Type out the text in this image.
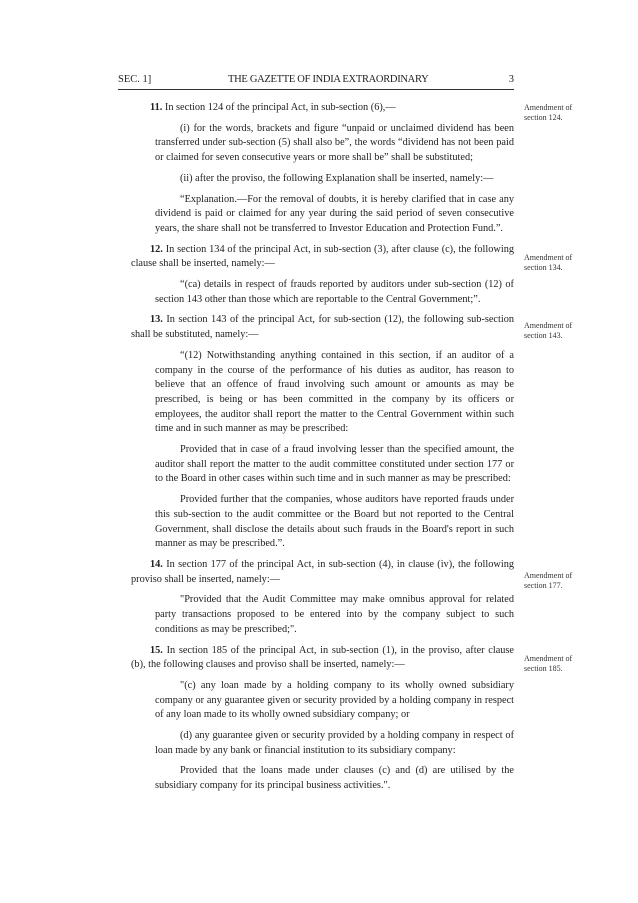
SEC. 1]	THE GAZETTE OF INDIA EXTRAORDINARY	3

11. In section 124 of the principal Act, in sub-section (6),—

(i) for the words, brackets and figure “unpaid or unclaimed dividend has been transferred under sub-section (5) shall also be”, the words “dividend has not been paid or claimed for seven consecutive years or more shall be” shall be substituted;

(ii) after the proviso, the following Explanation shall be inserted, namely:—

“Explanation.—For the removal of doubts, it is hereby clarified that in case any dividend is paid or claimed for any year during the said period of seven consecutive years, the share shall not be transferred to Investor Education and Protection Fund.”.

12. In section 134 of the principal Act, in sub-section (3), after clause (c), the following clause shall be inserted, namely:—

“(ca) details in respect of frauds reported by auditors under sub-section (12) of section 143 other than those which are reportable to the Central Government;”.

13. In section 143 of the principal Act, for sub-section (12), the following sub-section shall be substituted, namely:—

“(12) Notwithstanding anything contained in this section, if an auditor of a company in the course of the performance of his duties as auditor, has reason to believe that an offence of fraud involving such amount or amounts as may be prescribed, is being or has been committed in the company by its officers or employees, the auditor shall report the matter to the Central Government within such time and in such manner as may be prescribed:

Provided that in case of a fraud involving lesser than the specified amount, the auditor shall report the matter to the audit committee constituted under section 177 or to the Board in other cases within such time and in such manner as may be prescribed:

Provided further that the companies, whose auditors have reported frauds under this sub-section to the audit committee or the Board but not reported to the Central Government, shall disclose the details about such frauds in the Board's report in such manner as may be prescribed.”.

14. In section 177 of the principal Act, in sub-section (4), in clause (iv), the following proviso shall be inserted, namely:—

"Provided that the Audit Committee may make omnibus approval for related party transactions proposed to be entered into by the company subject to such conditions as may be prescribed;".

15. In section 185 of the principal Act, in sub-section (1), in the proviso, after clause (b), the following clauses and proviso shall be inserted, namely:—

"(c) any loan made by a holding company to its wholly owned subsidiary company or any guarantee given or security provided by a holding company in respect of any loan made to its wholly owned subsidiary company; or

(d) any guarantee given or security provided by a holding company in respect of loan made by any bank or financial institution to its subsidiary company:

Provided that the loans made under clauses (c) and (d) are utilised by the subsidiary company for its principal business activities.".

Amendment of section 124.
Amendment of section 134.
Amendment of section 143.
Amendment of section 177.
Amendment of section 185.
